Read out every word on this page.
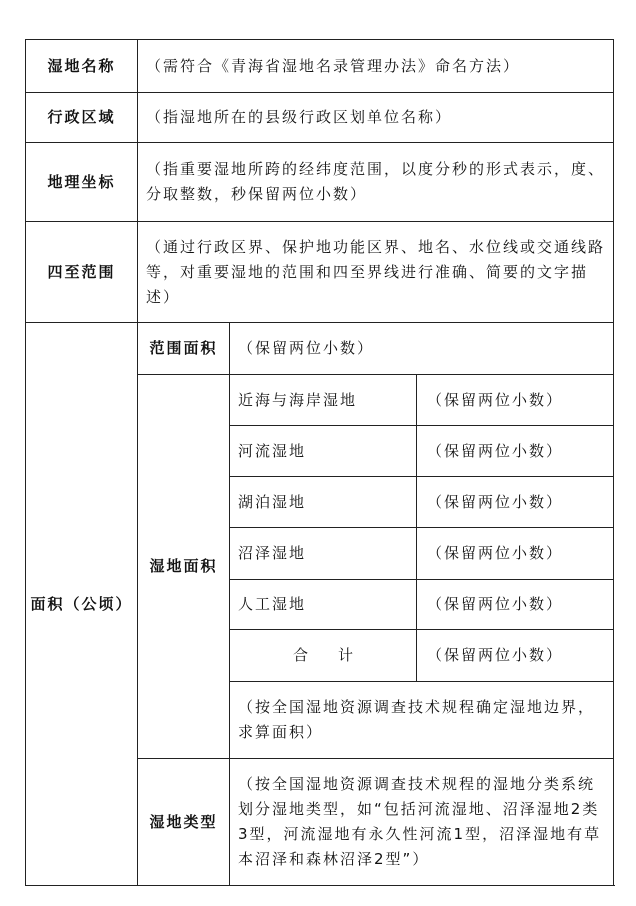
湿地名称	（需符合《青海省湿地名录管理办法》命名方法）		
行政区域	（指湿地所在的县级行政区划单位名称）		
地理坐标	（指重要湿地所跨的经纬度范围，以度分秒的形式表示，度、分取整数，秒保留两位小数）		
四至范围	（通过行政区界、保护地功能区界、地名、水位线或交通线路等，对重要湿地的范围和四至界线进行准确、简要的文字描述）		
面积（公顷）	范围面积	（保留两位小数）	
	湿地面积	近海与海岸湿地	（保留两位小数）
		河流湿地	（保留两位小数）
		湖泊湿地	（保留两位小数）
		沼泽湿地	（保留两位小数）
		人工湿地	（保留两位小数）
		合计	（保留两位小数）
		（按全国湿地资源调查技术规程确定湿地边界，求算面积）	
	湿地类型	（按全国湿地资源调查技术规程的湿地分类系统划分湿地类型，如“包括河流湿地、沼泽湿地2类3型，河流湿地有永久性河流1型，沼泽湿地有草本沼泽和森林沼泽2型”）	
